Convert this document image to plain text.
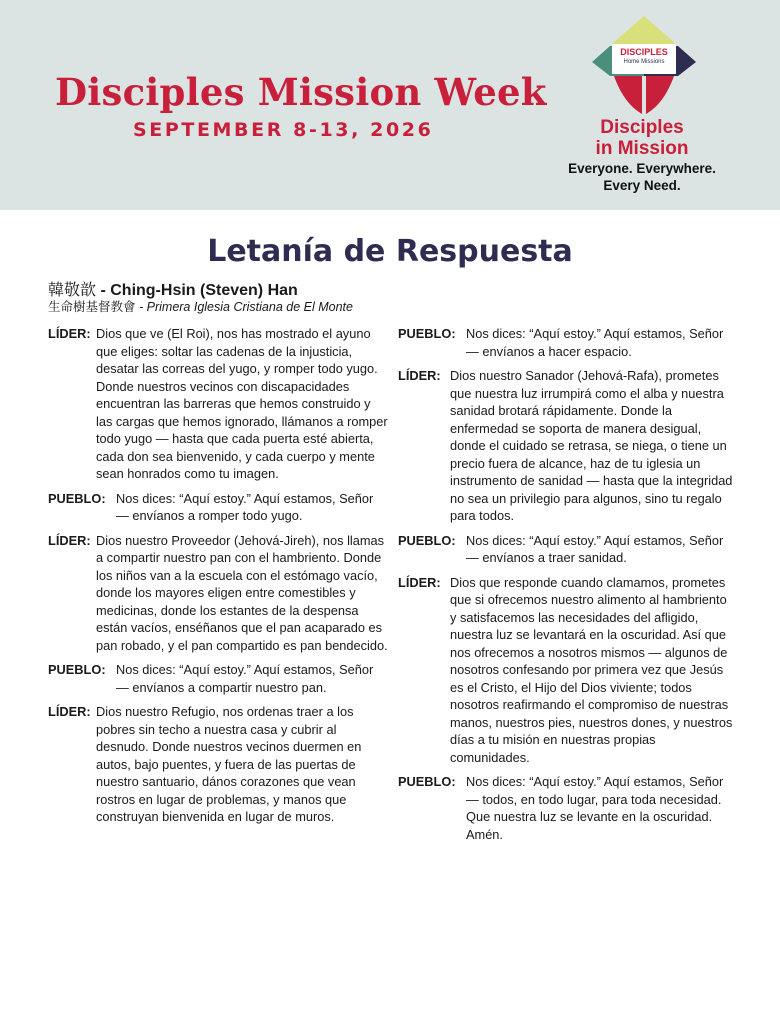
Disciples Mission Week
SEPTEMBER 8-13, 2026
DISCIPLES
Home Missions
Disciples
in Mission
Everyone. Everywhere.
Every Need.
Letanía de Respuesta
韓敬歆 - Ching-Hsin (Steven) Han
生命樹基督教會 - Primera Iglesia Cristiana de El Monte
LÍDER: Dios que ve (El Roi), nos has mostrado el ayuno que eliges: soltar las cadenas de la injusticia, desatar las correas del yugo, y romper todo yugo. Donde nuestros vecinos con discapacidades encuentran las barreras que hemos construido y las cargas que hemos ignorado, llámanos a romper todo yugo — hasta que cada puerta esté abierta, cada don sea bienvenido, y cada cuerpo y mente sean honrados como tu imagen.
PUEBLO: Nos dices: “Aquí estoy.” Aquí estamos, Señor — envíanos a romper todo yugo.
LÍDER: Dios nuestro Proveedor (Jehová-Jireh), nos llamas a compartir nuestro pan con el hambriento. Donde los niños van a la escuela con el estómago vacío, donde los mayores eligen entre comestibles y medicinas, donde los estantes de la despensa están vacíos, enséñanos que el pan acaparado es pan robado, y el pan compartido es pan bendecido.
PUEBLO: Nos dices: “Aquí estoy.” Aquí estamos, Señor — envíanos a compartir nuestro pan.
LÍDER: Dios nuestro Refugio, nos ordenas traer a los pobres sin techo a nuestra casa y cubrir al desnudo. Donde nuestros vecinos duermen en autos, bajo puentes, y fuera de las puertas de nuestro santuario, dános corazones que vean rostros en lugar de problemas, y manos que construyan bienvenida en lugar de muros.
PUEBLO: Nos dices: “Aquí estoy.” Aquí estamos, Señor — envíanos a hacer espacio.
LÍDER: Dios nuestro Sanador (Jehová-Rafa), prometes que nuestra luz irrumpirá como el alba y nuestra sanidad brotará rápidamente. Donde la enfermedad se soporta de manera desigual, donde el cuidado se retrasa, se niega, o tiene un precio fuera de alcance, haz de tu iglesia un instrumento de sanidad — hasta que la integridad no sea un privilegio para algunos, sino tu regalo para todos.
PUEBLO: Nos dices: “Aquí estoy.” Aquí estamos, Señor — envíanos a traer sanidad.
LÍDER: Dios que responde cuando clamamos, prometes que si ofrecemos nuestro alimento al hambriento y satisfacemos las necesidades del afligido, nuestra luz se levantará en la oscuridad. Así que nos ofrecemos a nosotros mismos — algunos de nosotros confesando por primera vez que Jesús es el Cristo, el Hijo del Dios viviente; todos nosotros reafirmando el compromiso de nuestras manos, nuestros pies, nuestros dones, y nuestros días a tu misión en nuestras propias comunidades.
PUEBLO: Nos dices: “Aquí estoy.” Aquí estamos, Señor — todos, en todo lugar, para toda necesidad. Que nuestra luz se levante en la oscuridad. Amén.
